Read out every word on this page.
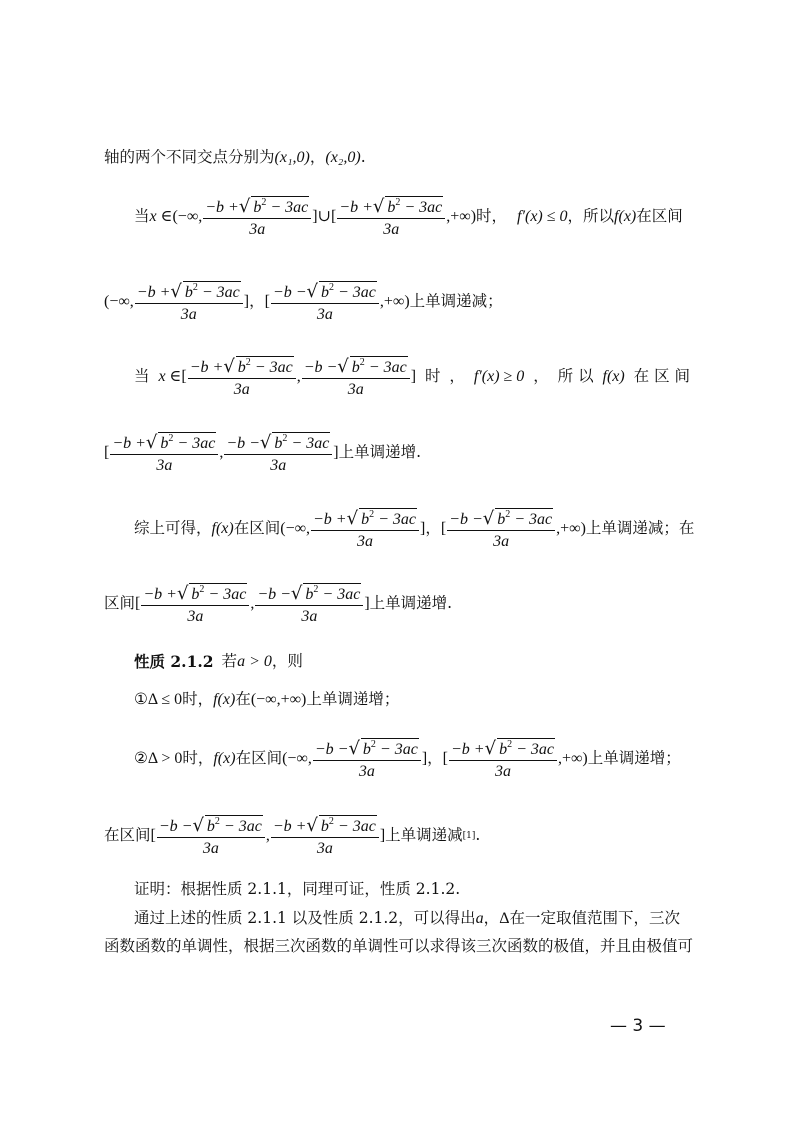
轴的两个不同交点分别为 (x₁,0) ， (x₂,0) .
当 x ∈ (−∞, $\frac{-b + √ b^2 - 3ac}{3a}$ ] ∪ [ $\frac{-b + √ b^2 - 3ac}{3a}$ ,+∞) 时， f′(x) ≤ 0 ，所以 f(x) 在区间
(−∞, $\frac{-b + √ b^2 - 3ac}{3a}$ ] ， [ $\frac{-b - √ b^2 - 3ac}{3a}$ ,+∞) 上单调递减；
当 x ∈ [ $\frac{-b + √ b^2 - 3ac}{3a}$ , $\frac{-b - √ b^2 - 3ac}{3a}$ ] 时 ， f′(x) ≥ 0 ， 所 以 f(x) 在 区 间
[ $\frac{-b + √ b^2 - 3ac}{3a}$ , $\frac{-b - √ b^2 - 3ac}{3a}$ ] 上单调递增.
综上可得， f(x) 在区间 (−∞, $\frac{-b + √ b^2 - 3ac}{3a}$ ] ， [ $\frac{-b - √ b^2 - 3ac}{3a}$ ,+∞) 上单调递减；在
区间 [ $\frac{-b + √ b^2 - 3ac}{3a}$ , $\frac{-b - √ b^2 - 3ac}{3a}$ ] 上单调递增.
性质 2.1.2 若 a > 0 ，则
① Δ ≤ 0 时， f(x) 在 (−∞,+∞) 上单调递增；
② Δ > 0 时， f(x) 在区间 (−∞, $\frac{-b - √ b^2 - 3ac}{3a}$ ] ， [ $\frac{-b + √ b^2 - 3ac}{3a}$ ,+∞) 上单调递增；
在区间 [ $\frac{-b - √ b^2 - 3ac}{3a}$ , $\frac{-b + √ b^2 - 3ac}{3a}$ ] 上单调递减 [1] .
证明：根据性质 2.1.1，同理可证，性质 2.1.2.
通过上述的性质 2.1.1 以及性质 2.1.2，可以得出 a ， Δ 在一定取值范围下，三次
函数函数的单调性，根据三次函数的单调性可以求得该三次函数的极值，并且由极值可
— 3 —
